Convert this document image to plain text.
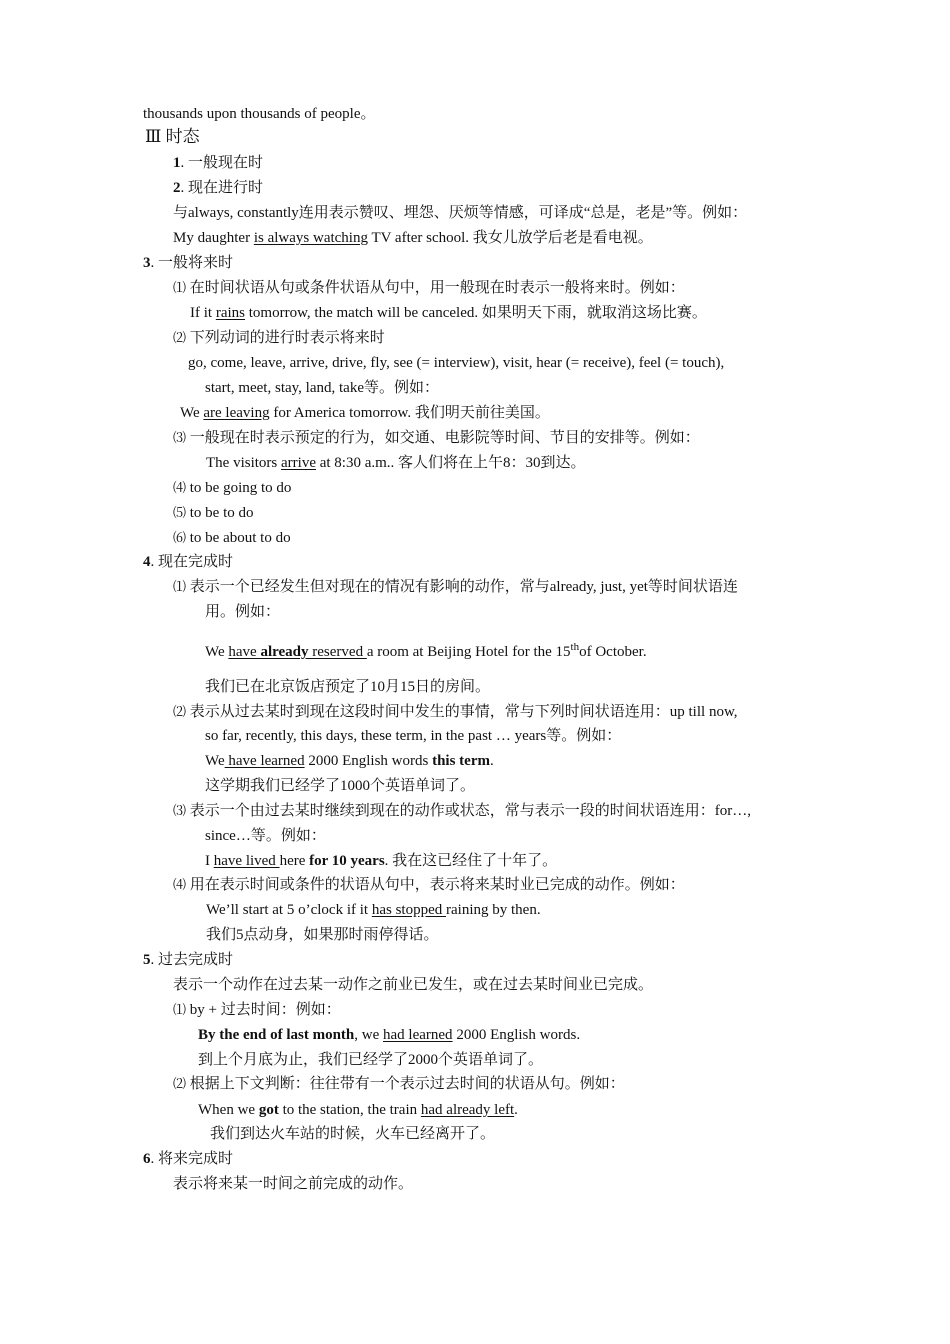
thousands upon thousands of people。
Ⅲ 时态
1. 一般现在时
2. 现在进行时
与always, constantly连用表示赞叹、埋怨、厌烦等情感，可译成“总是，老是”等。例如：
My daughter is always watching TV after school. 我女儿放学后老是看电视。
3. 一般将来时
⑴ 在时间状语从句或条件状语从句中，用一般现在时表示一般将来时。例如：
If it rains tomorrow, the match will be canceled. 如果明天下雨，就取消这场比赛。
⑵ 下列动词的进行时表示将来时
go, come, leave, arrive, drive, fly, see (= interview), visit, hear (= receive), feel (= touch),
start, meet, stay, land, take等。例如：
We are leaving for America tomorrow. 我们明天前往美国。
⑶ 一般现在时表示预定的行为，如交通、电影院等时间、节目的安排等。例如：
The visitors arrive at 8:30 a.m.. 客人们将在上午8：30到达。
⑷ to be going to do
⑸ to be to do
⑹ to be about to do
4. 现在完成时
⑴ 表示一个已经发生但对现在的情况有影响的动作，常与already, just, yet等时间状语连
用。例如：
We have already reserved a room at Beijing Hotel for the 15thof October.
我们已在北京饭店预定了10月15日的房间。
⑵ 表示从过去某时到现在这段时间中发生的事情，常与下列时间状语连用：up till now,
so far, recently, this days, these term, in the past … years等。例如：
We have learned 2000 English words this term.
这学期我们已经学了1000个英语单词了。
⑶ 表示一个由过去某时继续到现在的动作或状态，常与表示一段的时间状语连用：for…,
since…等。例如：
I have lived here for 10 years. 我在这已经住了十年了。
⑷ 用在表示时间或条件的状语从句中，表示将来某时业已完成的动作。例如：
We’ll start at 5 o’clock if it has stopped raining by then.
我们5点动身，如果那时雨停得话。
5. 过去完成时
表示一个动作在过去某一动作之前业已发生，或在过去某时间业已完成。
⑴ by + 过去时间：例如：
By the end of last month, we had learned 2000 English words.
到上个月底为止，我们已经学了2000个英语单词了。
⑵ 根据上下文判断：往往带有一个表示过去时间的状语从句。例如：
When we got to the station, the train had already left.
我们到达火车站的时候，火车已经离开了。
6. 将来完成时
表示将来某一时间之前完成的动作。
